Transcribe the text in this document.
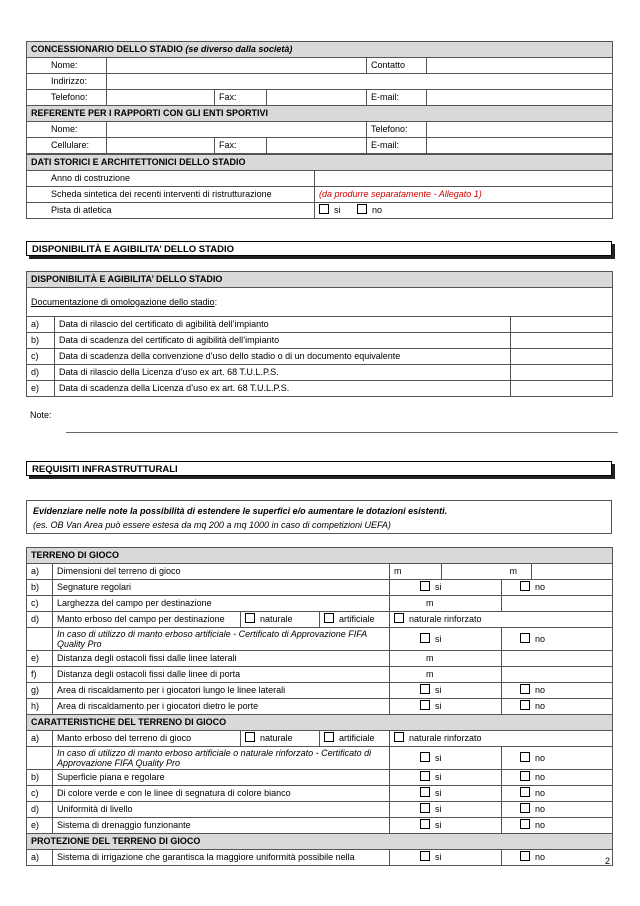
CONCESSIONARIO DELLO STADIO (se diverso dalla società)					
Nome:				Contatto	
Indirizzo:					
Telefono:		Fax:		E-mail:	
REFERENTE PER I RAPPORTI CON GLI ENTI SPORTIVI					
Nome:				Telefono:	
Cellulare:		Fax:		E-mail:	
DATI STORICI E ARCHITETTONICI DELLO STADIO	
Anno di costruzione	
Scheda sintetica dei recenti interventi di ristrutturazione	(da produrre separatamente - Allegato 1)
Pista di atletica	si no
DISPONIBILITÀ E AGIBILITA’ DELLO STADIO
DISPONIBILITÀ E AGIBILITA’ DELLO STADIO		
Documentazione di omologazione dello stadio:		
a)	Data di rilascio del certificato di agibilità dell’impianto	
b)	Data di scadenza del certificato di agibilità dell’impianto	
c)	Data di scadenza della convenzione d’uso dello stadio o di un documento equivalente	
d)	Data di rilascio della Licenza d’uso ex art. 68 T.U.L.P.S.	
e)	Data di scadenza della Licenza d’uso ex art. 68 T.U.L.P.S.	
Note:
REQUISITI INFRASTRUTTURALI
Evidenziare nelle note la possibilità di estendere le superfici e/o aumentare le dotazioni esistenti.
(es. OB Van Area può essere estesa da mq 200 a mq 1000 in caso di competizioni UEFA)
TERRENO DI GIOCO							
a)	Dimensioni del terreno di gioco			m	m		
b)	Segnature regolari			si		no	
c)	Larghezza del campo per destinazione			m			
d)	Manto erboso del campo per destinazione	naturale	artificiale	naturale rinforzato			

	In caso di utilizzo di manto erboso artificiale - Certificato di Approvazione FIFA
Quality Pro			si		no	
e)	Distanza degli ostacoli fissi dalle linee laterali			m			
f)	Distanza degli ostacoli fissi dalle linee di porta			m			
g)	Area di riscaldamento per i giocatori lungo le linee laterali			si		no	
h)	Area di riscaldamento per i giocatori dietro le porte			si		no	
CARATTERISTICHE DEL TERRENO DI GIOCO							
a)	Manto erboso del terreno di gioco	naturale	artificiale	naturale rinforzato			

	In caso di utilizzo di manto erboso artificiale o naturale rinforzato - Certificato di
Approvazione FIFA Quality Pro			si		no	
b)	Superficie piana e regolare			si		no	
c)	Di colore verde e con le linee di segnatura di colore bianco			si		no	
d)	Uniformità di livello			si		no	
e)	Sistema di drenaggio funzionante			si		no	
PROTEZIONE DEL TERRENO DI GIOCO							
a)	Sistema di irrigazione che garantisca la maggiore uniformità possibile nella			si		no		2
